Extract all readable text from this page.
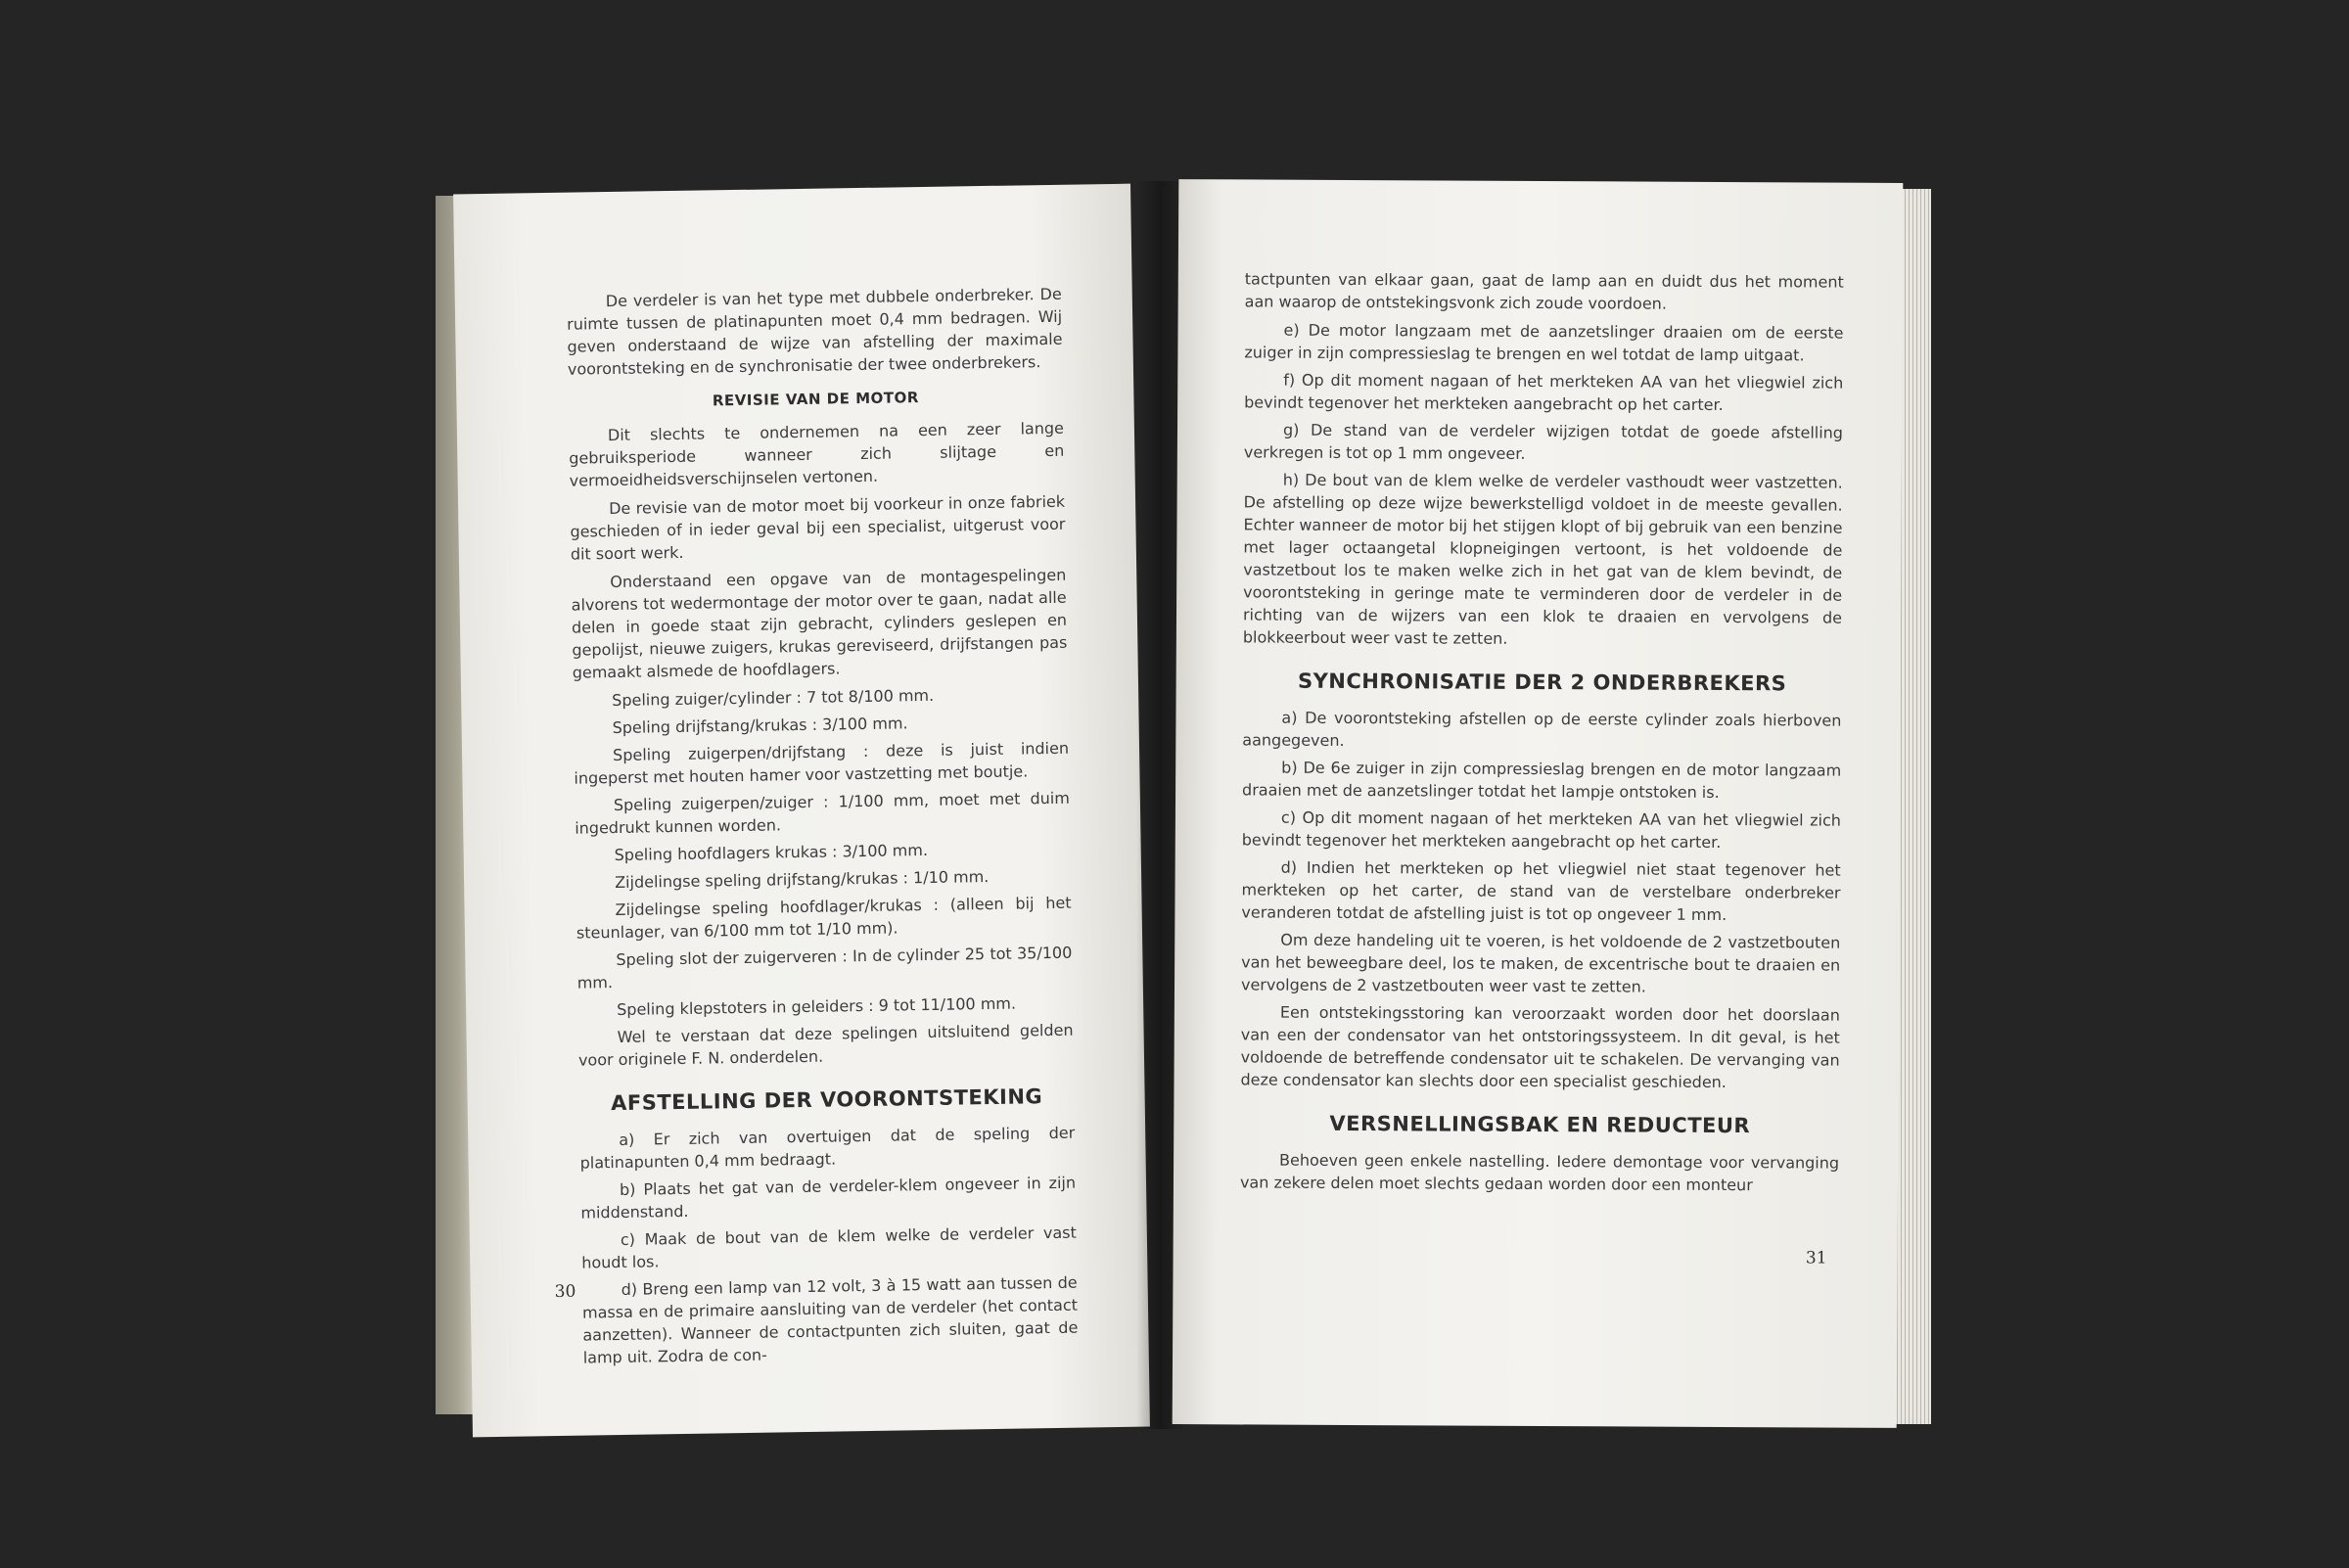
De verdeler is van het type met dubbele onderbreker. De ruimte tussen de platinapunten moet 0,4 mm bedragen. Wij geven onderstaand de wijze van afstelling der maximale voorontsteking en de synchronisatie der twee onderbrekers.

REVISIE VAN DE MOTOR

Dit slechts te ondernemen na een zeer lange gebruiksperiode wanneer zich slijtage en vermoeidheidsverschijnselen vertonen.

De revisie van de motor moet bij voorkeur in onze fabriek geschieden of in ieder geval bij een specialist, uitgerust voor dit soort werk.

Onderstaand een opgave van de montagespelingen alvorens tot wedermontage der motor over te gaan, nadat alle delen in goede staat zijn gebracht, cylinders geslepen en gepolijst, nieuwe zuigers, krukas gereviseerd, drijfstangen pas gemaakt alsmede de hoofdlagers.

Speling zuiger/cylinder : 7 tot 8/100 mm.

Speling drijfstang/krukas : 3/100 mm.

Speling zuigerpen/drijfstang : deze is juist indien ingeperst met houten hamer voor vastzetting met boutje.

Speling zuigerpen/zuiger : 1/100 mm, moet met duim ingedrukt kunnen worden.

Speling hoofdlagers krukas : 3/100 mm.

Zijdelingse speling drijfstang/krukas : 1/10 mm.

Zijdelingse speling hoofdlager/krukas : (alleen bij het steunlager, van 6/100 mm tot 1/10 mm).

Speling slot der zuigerveren : In de cylinder 25 tot 35/100 mm.

Speling klepstoters in geleiders : 9 tot 11/100 mm.

Wel te verstaan dat deze spelingen uitsluitend gelden voor originele F. N. onderdelen.

AFSTELLING DER VOORONTSTEKING

a) Er zich van overtuigen dat de speling der platinapunten 0,4 mm bedraagt.

b) Plaats het gat van de verdeler-klem ongeveer in zijn middenstand.

c) Maak de bout van de klem welke de verdeler vast houdt los.

d) Breng een lamp van 12 volt, 3 à 15 watt aan tussen de massa en de primaire aansluiting van de verdeler (het contact aanzetten). Wanneer de contactpunten zich sluiten, gaat de lamp uit. Zodra de con-

30

tactpunten van elkaar gaan, gaat de lamp aan en duidt dus het moment aan waarop de ontstekingsvonk zich zoude voordoen.

e) De motor langzaam met de aanzetslinger draaien om de eerste zuiger in zijn compressieslag te brengen en wel totdat de lamp uitgaat.

f) Op dit moment nagaan of het merkteken AA van het vliegwiel zich bevindt tegenover het merkteken aangebracht op het carter.

g) De stand van de verdeler wijzigen totdat de goede afstelling verkregen is tot op 1 mm ongeveer.

h) De bout van de klem welke de verdeler vasthoudt weer vastzetten. De afstelling op deze wijze bewerkstelligd voldoet in de meeste gevallen. Echter wanneer de motor bij het stijgen klopt of bij gebruik van een benzine met lager octaangetal klopneigingen vertoont, is het voldoende de vastzetbout los te maken welke zich in het gat van de klem bevindt, de voorontsteking in geringe mate te verminderen door de verdeler in de richting van de wijzers van een klok te draaien en vervolgens de blokkeerbout weer vast te zetten.

SYNCHRONISATIE DER 2 ONDERBREKERS

a) De voorontsteking afstellen op de eerste cylinder zoals hierboven aangegeven.

b) De 6e zuiger in zijn compressieslag brengen en de motor langzaam draaien met de aanzetslinger totdat het lampje ontstoken is.

c) Op dit moment nagaan of het merkteken AA van het vliegwiel zich bevindt tegenover het merkteken aangebracht op het carter.

d) Indien het merkteken op het vliegwiel niet staat tegenover het merkteken op het carter, de stand van de verstelbare onderbreker veranderen totdat de afstelling juist is tot op ongeveer 1 mm.

Om deze handeling uit te voeren, is het voldoende de 2 vastzetbouten van het beweegbare deel, los te maken, de excentrische bout te draaien en vervolgens de 2 vastzetbouten weer vast te zetten.

Een ontstekingsstoring kan veroorzaakt worden door het doorslaan van een der condensator van het ontstoringssysteem. In dit geval, is het voldoende de betreffende condensator uit te schakelen. De vervanging van deze condensator kan slechts door een specialist geschieden.

VERSNELLINGSBAK EN REDUCTEUR

Behoeven geen enkele nastelling. Iedere demontage voor vervanging van zekere delen moet slechts gedaan worden door een monteur

31
